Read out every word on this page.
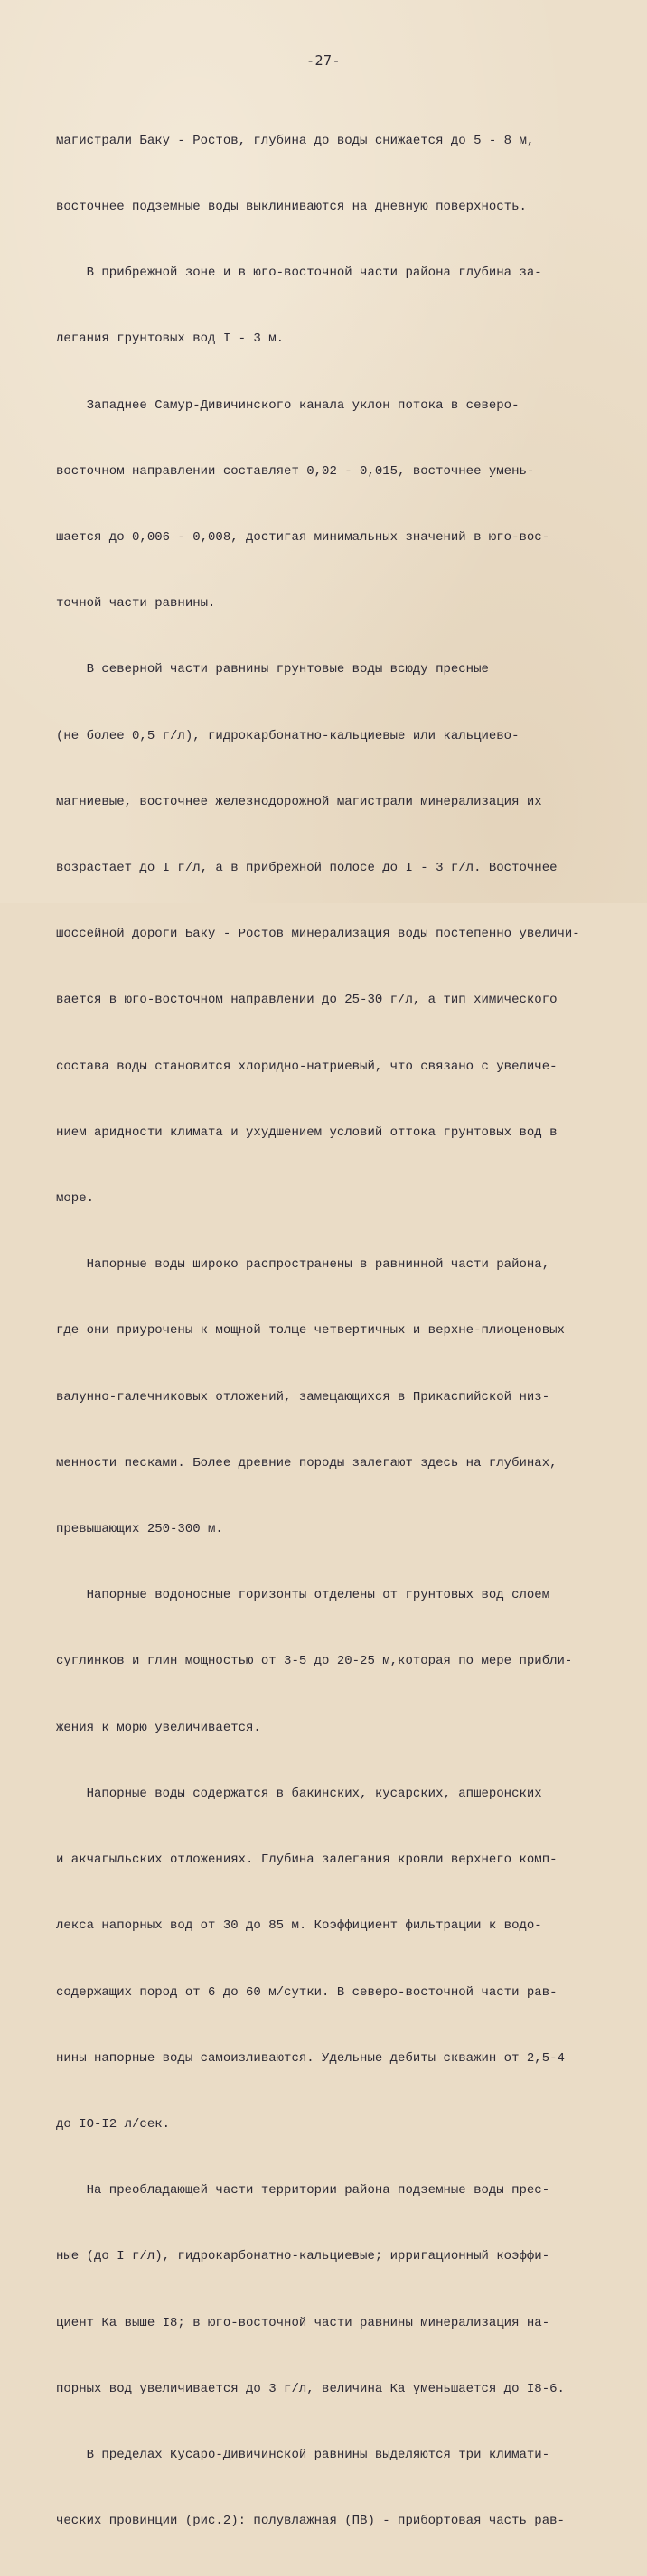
-27-

магистрали Баку - Ростов, глубина до воды снижается до 5 - 8 м,

восточнее подземные воды выклиниваются на дневную поверхность.

В прибрежной зоне и в юго-восточной части района глубина за-

легания грунтовых вод I - 3 м.

Западнее Самур-Дивичинского канала уклон потока в северо-

восточном направлении составляет 0,02 - 0,015, восточнее умень-

шается до 0,006 - 0,008, достигая минимальных значений в юго-вос-

точной части равнины.

В северной части равнины грунтовые воды всюду пресные

(не более 0,5 г/л), гидрокарбонатно-кальциевые или кальциево-

магниевые, восточнее железнодорожной магистрали минерализация их

возрастает до I г/л, а в прибрежной полосе до I - 3 г/л. Восточнее

шоссейной дороги Баку - Ростов минерализация воды постепенно увеличи-

вается в юго-восточном направлении до 25-30 г/л, а тип химического

состава воды становится хлоридно-натриевый, что связано с увеличе-

нием аридности климата и ухудшением условий оттока грунтовых вод в

море.

Напорные воды широко распространены в равнинной части района,

где они приурочены к мощной толще четвертичных и верхне-плиоценовых

валунно-галечниковых отложений, замещающихся в Прикаспийской низ-

менности песками. Более древние породы залегают здесь на глубинах,

превышающих 250-300 м.

Напорные водоносные горизонты отделены от грунтовых вод слоем

суглинков и глин мощностью от 3-5 до 20-25 м,которая по мере прибли-

жения к морю увеличивается.

Напорные воды содержатся в бакинских, кусарских, апшеронских

и акчагыльских отложениях. Глубина залегания кровли верхнего комп-

лекса напорных вод от 30 до 85 м. Коэффициент фильтрации к водо-

содержащих пород от 6 до 60 м/сутки. В северо-восточной части рав-

нины напорные воды самоизливаются. Удельные дебиты скважин от 2,5-4

до IO-I2 л/сек.

На преобладающей части территории района подземные воды прес-

ные (до I г/л), гидрокарбонатно-кальциевые; ирригационный коэффи-

циент Ка выше I8; в юго-восточной части равнины минерализация на-

порных вод увеличивается до 3 г/л, величина Ка уменьшается до I8-6.

В пределах Кусаро-Дивичинской равнины выделяются три климати-

ческих провинции (рис.2): полувлажная (ПВ) - прибортовая часть рав-
